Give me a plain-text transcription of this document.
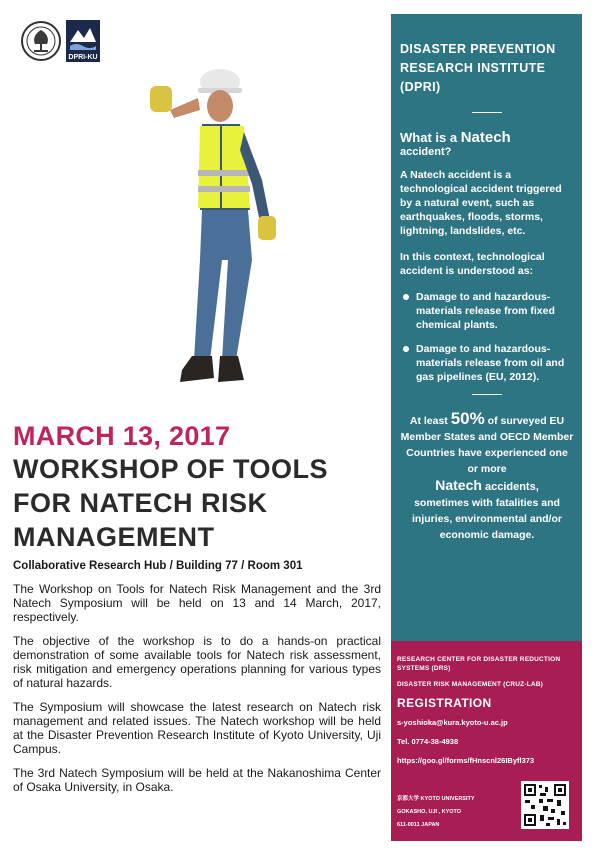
DPRI-KU
MARCH 13, 2017
WORKSHOP OF TOOLS
FOR NATECH RISK
MANAGEMENT
Collaborative Research Hub / Building 77 / Room 301

The Workshop on Tools for Natech Risk Management and the 3rd Natech Symposium will be held on 13 and 14 March, 2017, respectively.

The objective of the workshop is to do a hands-on practical demonstration of some available tools for Natech risk assessment, risk mitigation and emergency operations planning for various types of natural hazards.

The Symposium will showcase the latest research on Natech risk management and related issues. The Natech workshop will be held at the Disaster Prevention Research Institute of Kyoto University, Uji Campus.

The 3rd Natech Symposium will be held at the Nakanoshima Center of Osaka University, in Osaka.

DISASTER PREVENTION RESEARCH INSTITUTE (DPRI)

What is a Natech
accident?

A Natech accident is a technological accident triggered by a natural event, such as earthquakes, floods, storms, lightning, landslides, etc.

In this context, technological accident is understood as:

Damage to and hazardous-materials release from fixed chemical plants.
Damage to and hazardous-materials release from oil and gas pipelines (EU, 2012).
At least 50% of surveyed EU Member States and OECD Member Countries have experienced one or more
Natech accidents,
sometimes with fatalities and injuries, environmental and/or economic damage.

RESEARCH CENTER FOR DISASTER REDUCTION SYSTEMS (DRS)

DISASTER RISK MANAGEMENT (CRUZ-LAB)

REGISTRATION

s-yoshioka@kura.kyoto-u.ac.jp

Tel. 0774-38-4938

https://goo.gl/forms/fHnscnl26IByfl373

京都大学 KYOTO UNIVERSITY
GOKASHO, UJI , KYOTO
611-0011 JAPAN
